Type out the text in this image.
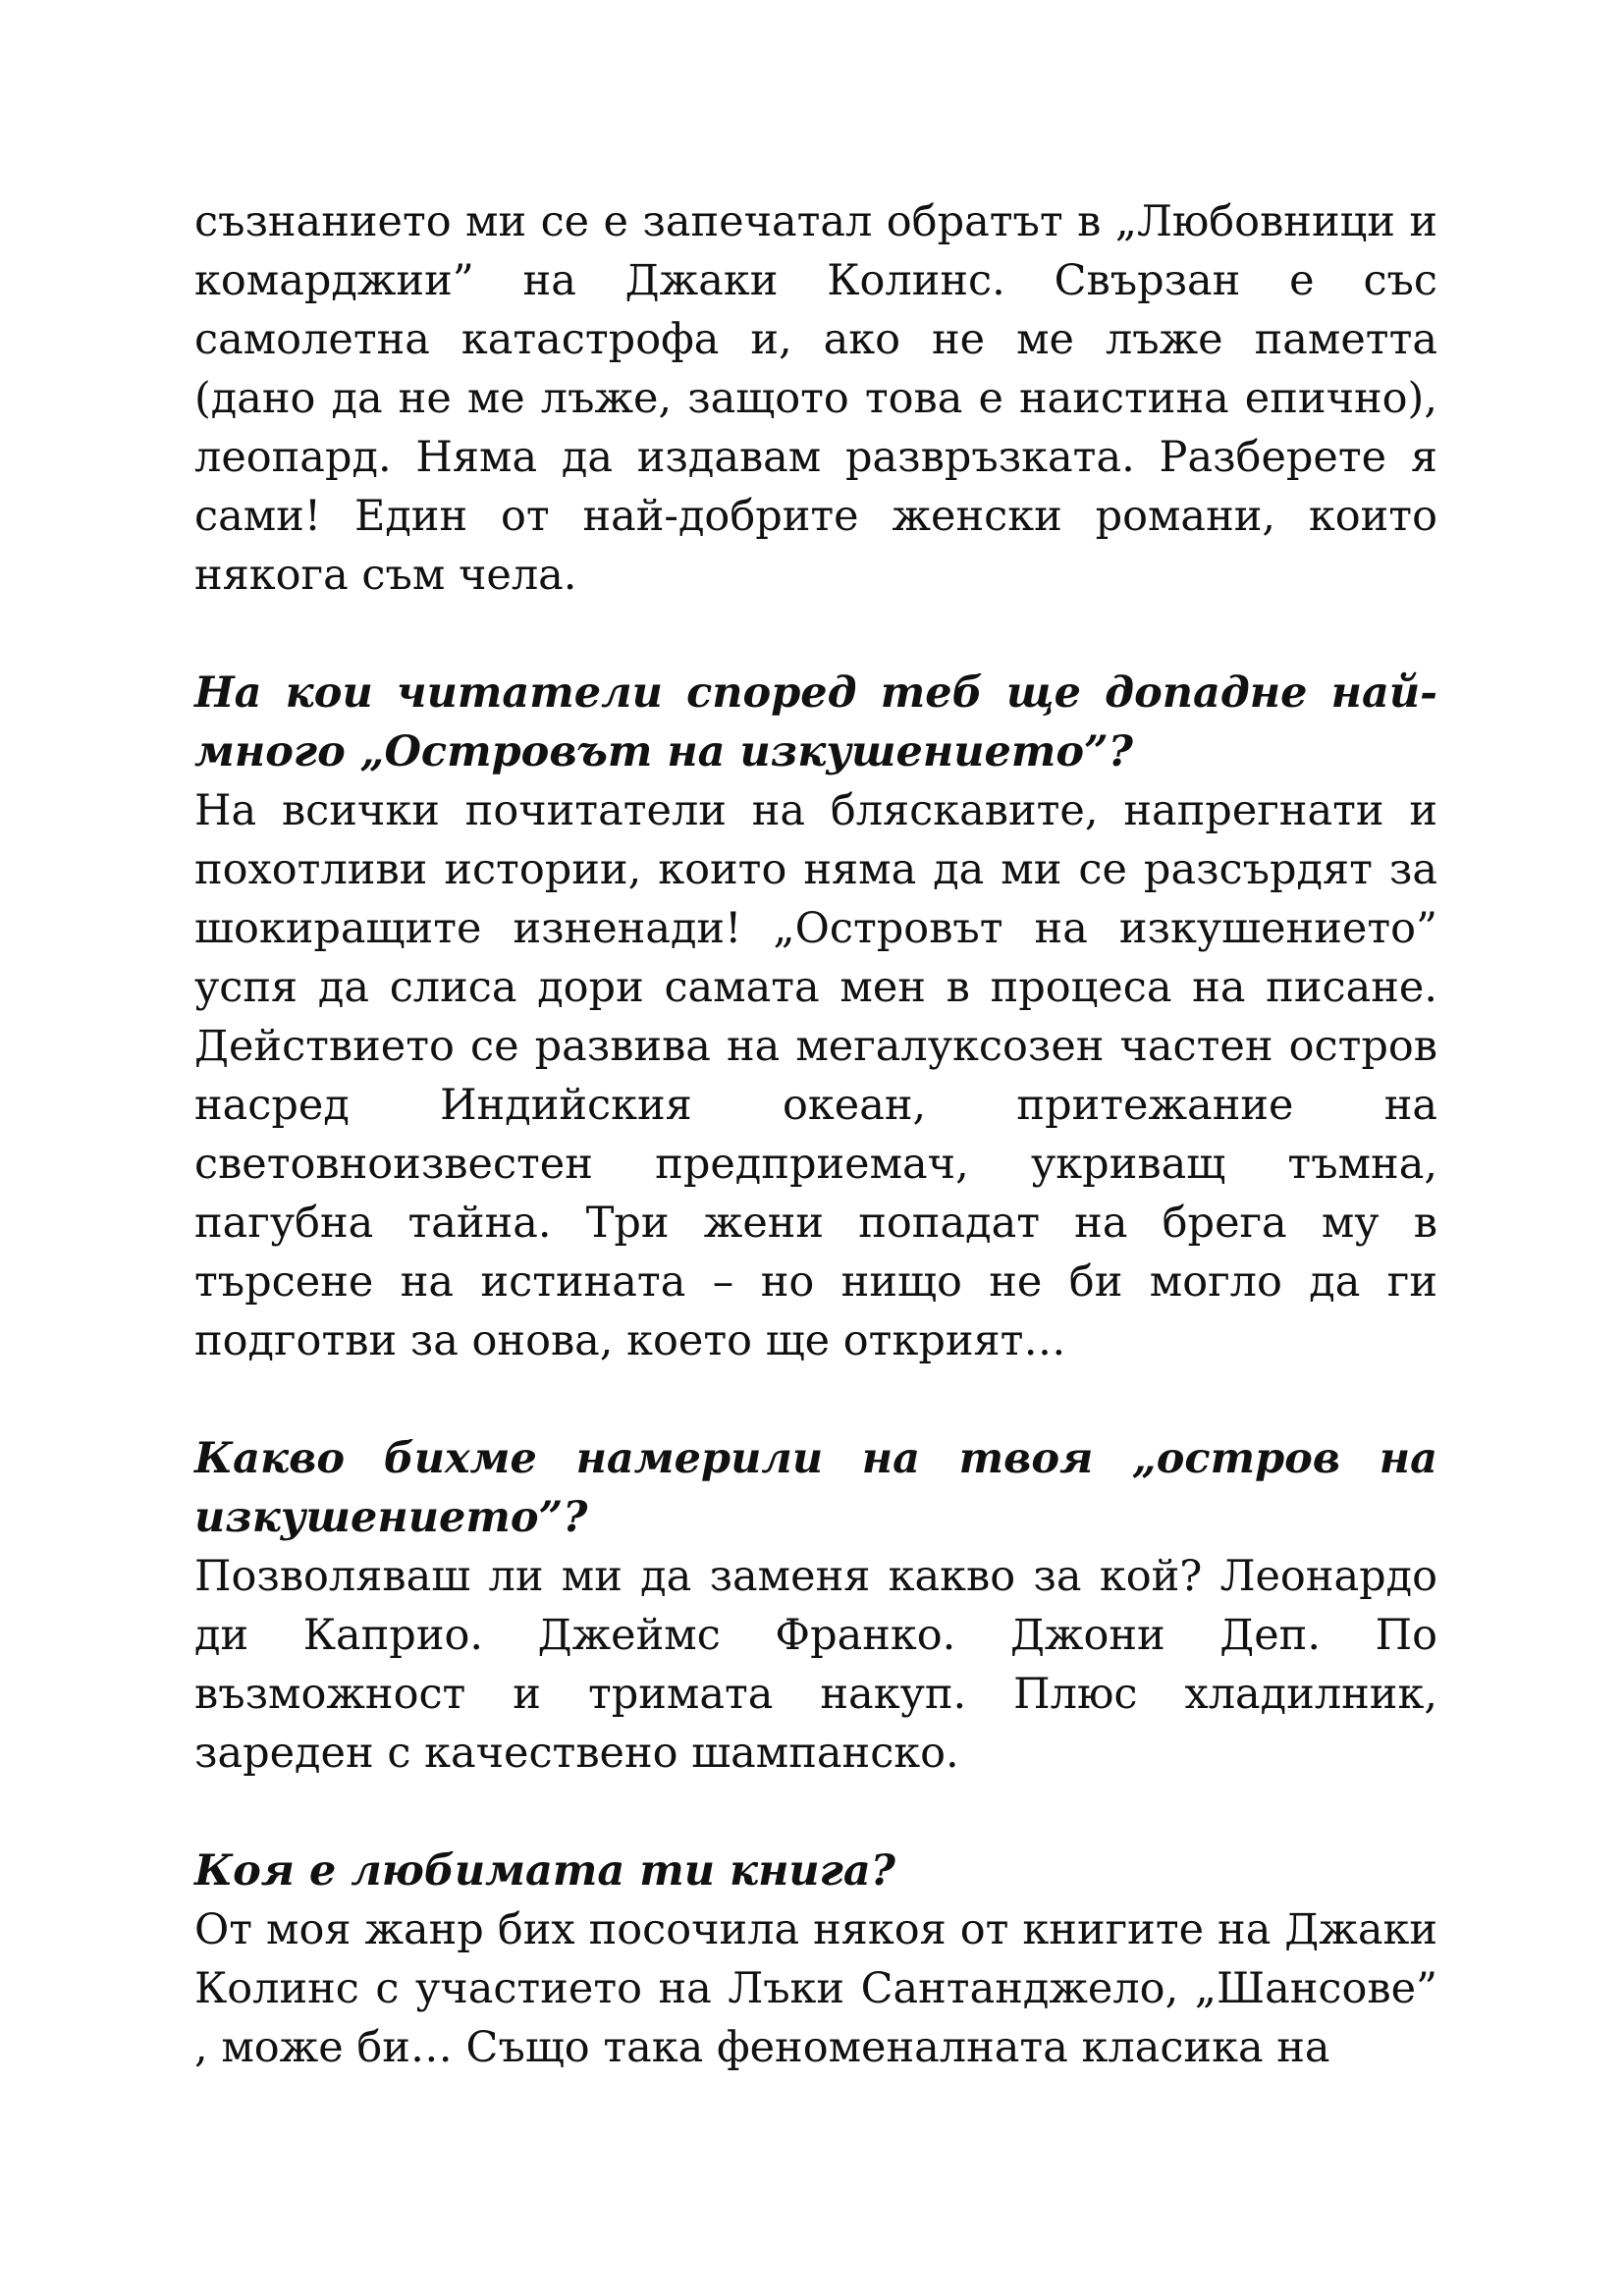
съзнанието ми се е запечатал обратът в „Любовници и комарджии” на Джаки Колинс. Свързан е със самолетна катастрофа и, ако не ме лъже паметта (дано да не ме лъже, защото това е наистина епично), леопард. Няма да издавам развръзката. Разберете я сами! Един от най-добрите женски романи, които някога съм чела.

На кои читатели според теб ще допадне най-много „Островът на изкушението”?

На всички почитатели на бляскавите, напрегнати и похотливи истории, които няма да ми се разсърдят за шокиращите изненади! „Островът на изкушението” успя да слиса дори самата мен в процеса на писане. Действието се развива на мегалуксозен частен остров насред Индийския океан, притежание на световноизвестен предприемач, укриващ тъмна, пагубна тайна. Три жени попадат на брега му в търсене на истината – но нищо не би могло да ги подготви за онова, което ще открият…

Какво бихме намерили на твоя „остров на изкушението”?

Позволяваш ли ми да заменя какво за кой? Леонардо ди Каприо. Джеймс Франко. Джони Деп. По възможност и тримата накуп. Плюс хладилник, зареден с качествено шампанско.

Коя е любимата ти книга?

От моя жанр бих посочила някоя от книгите на Джаки Колинс с участието на Лъки Сантанджело, „Шансове” , може би… Също така феноменалната класика на
